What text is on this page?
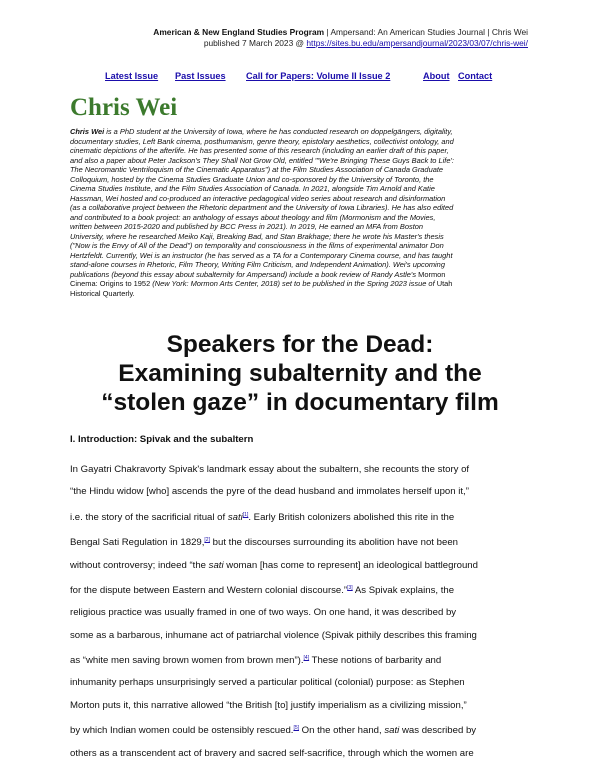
American & New England Studies Program | Ampersand: An American Studies Journal | Chris Wei
published 7 March 2023 @ https://sites.bu.edu/ampersandjournal/2023/03/07/chris-wei/
Latest Issue Past Issues Call for Papers: Volume II Issue 2	About Contact
Chris Wei
Chris Wei is a PhD student at the University of Iowa, where he has conducted research on doppelgängers, digitality,
documentary studies, Left Bank cinema, posthumanism, genre theory, epistolary aesthetics, collectivist ontology, and
cinematic depictions of the afterlife. He has presented some of this research (including an earlier draft of this paper,
and also a paper about Peter Jackson's They Shall Not Grow Old, entitled "'We're Bringing These Guys Back to Life':
The Necromantic Ventriloquism of the Cinematic Apparatus") at the Film Studies Association of Canada Graduate
Colloquium, hosted by the Cinema Studies Graduate Union and co-sponsored by the University of Toronto, the
Cinema Studies Institute, and the Film Studies Association of Canada. In 2021, alongside Tim Arnold and Katie
Hassman, Wei hosted and co-produced an interactive pedagogical video series about research and disinformation
(as a collaborative project between the Rhetoric department and the University of Iowa Libraries). He has also edited
and contributed to a book project: an anthology of essays about theology and film (Mormonism and the Movies,
written between 2015-2020 and published by BCC Press in 2021). In 2019, He earned an MFA from Boston
University, where he researched Meiko Kaji, Breaking Bad, and Stan Brakhage; there he wrote his Master's thesis
("Now is the Envy of All of the Dead") on temporality and consciousness in the films of experimental animator Don
Hertzfeldt. Currently, Wei is an instructor (he has served as a TA for a Contemporary Cinema course, and has taught
stand-alone courses in Rhetoric, Film Theory, Writing Film Criticism, and Independent Animation). Wei's upcoming
publications (beyond this essay about subalternity for Ampersand) include a book review of Randy Astle's Mormon
Cinema: Origins to 1952 (New York: Mormon Arts Center, 2018) set to be published in the Spring 2023 issue of Utah
Historical Quarterly.
Speakers for the Dead:
Examining subalternity and the
“stolen gaze” in documentary film
I. Introduction: Spivak and the subaltern
In Gayatri Chakravorty Spivak's landmark essay about the subaltern, she recounts the story of
“the Hindu widow [who] ascends the pyre of the dead husband and immolates herself upon it,”
i.e. the story of the sacrificial ritual of sati[1]. Early British colonizers abolished this rite in the
Bengal Sati Regulation in 1829,[2] but the discourses surrounding its abolition have not been
without controversy; indeed “the sati woman [has come to represent] an ideological battleground
for the dispute between Eastern and Western colonial discourse.”[3] As Spivak explains, the
religious practice was usually framed in one of two ways. On one hand, it was described by
some as a barbarous, inhumane act of patriarchal violence (Spivak pithily describes this framing
as “white men saving brown women from brown men”).[4] These notions of barbarity and
inhumanity perhaps unsurprisingly served a particular political (colonial) purpose: as Stephen
Morton puts it, this narrative allowed “the British [to] justify imperialism as a civilizing mission,”
by which Indian women could be ostensibly rescued.[5] On the other hand, sati was described by
others as a transcendent act of bravery and sacred self-sacrifice, through which the women are
